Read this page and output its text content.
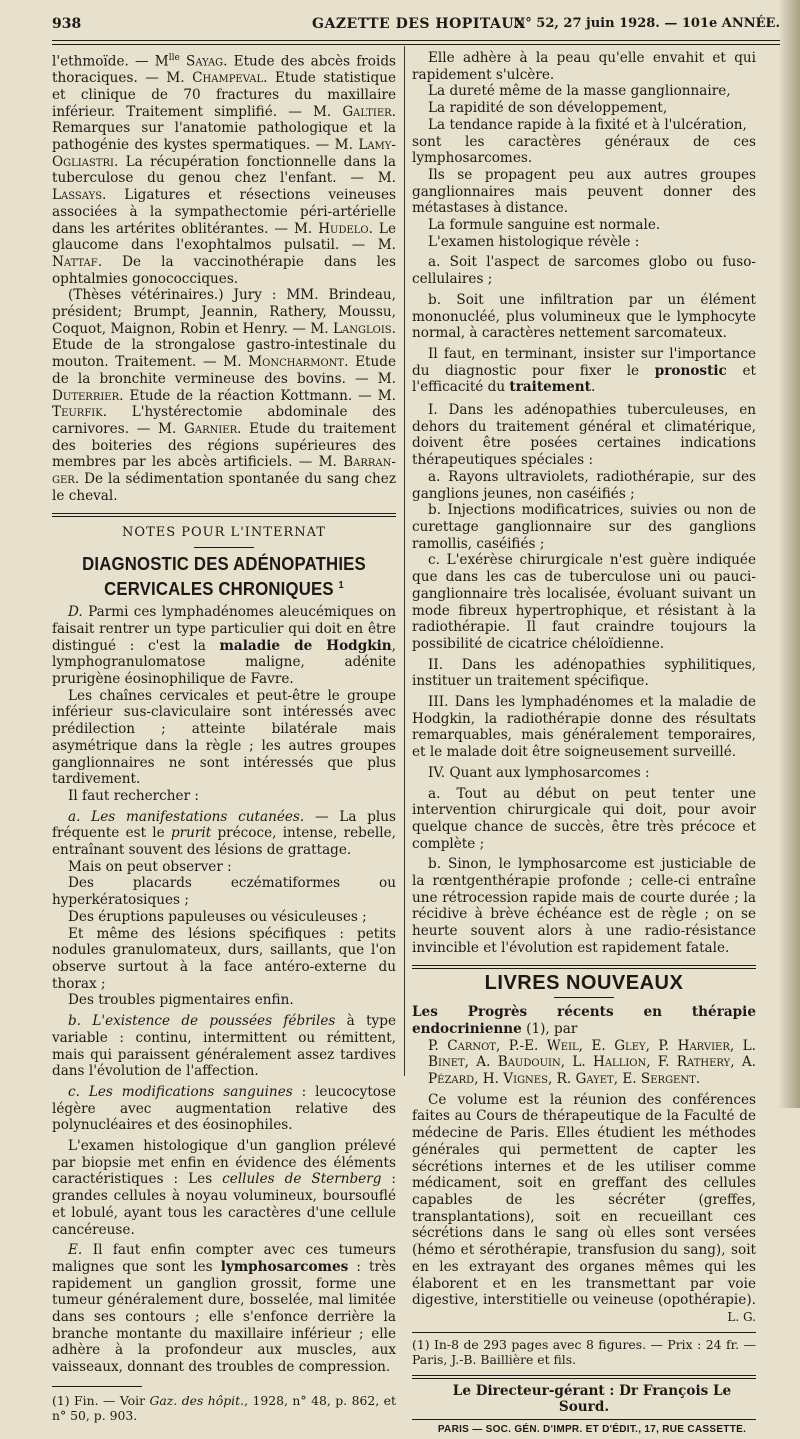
938	GAZETTE DES HOPITAUX
N° 52, 27 juin 1928. — 101e ANNÉE.

l'ethmoïde. — $M^{lle}$ Sayag. Etude des abcès froids thoraciques. — M. Champeval. Etude statistique et clinique de 70 fractures du maxillaire inférieur. Traitement simplifié. — M. Galtier. Remarques sur l'anatomie pathologique et la pathogénie des kystes spermatiques. — M. Lamy-Ogliastri. La récupération fonctionnelle dans la tuberculose du genou chez l'enfant. — M. Lassays. Ligatures et résections veineuses associées à la sympathectomie péri-artérielle dans les artérites oblitérantes. — M. Hudelo. Le glaucome dans l'exophtalmos pulsatil. — M. Nattaf. De la vaccinothérapie dans les ophtalmies gonococciques.

(Thèses vétérinaires.) Jury : MM. Brindeau, président; Brumpt, Jeannin, Rathery, Moussu, Coquot, Maignon, Robin et Henry. — M. Langlois. Etude de la strongalose gastro-intestinale du mouton. Traitement. — M. Moncharmont. Etude de la bronchite vermineuse des bovins. — M. Duterrier. Etude de la réaction Kottmann. — M. Teurfik. L'hystérectomie abdominale des carnivores. — M. Garnier. Etude du traitement des boiteries des régions supérieures des membres par les abcès artificiels. — M. Barranger. De la sédimentation spontanée du sang chez le cheval.

NOTES POUR L'INTERNAT

DIAGNOSTIC DES ADÉNOPATHIES CERVICALES CHRONIQUES $^1$

D. Parmi ces lymphadénomes aleucémiques on faisait rentrer un type particulier qui doit en être distingué : c'est la maladie de Hodgkin, lymphogranulomatose maligne, adénite prurigène éosinophilique de Favre.

Les chaînes cervicales et peut-être le groupe inférieur sus-claviculaire sont intéressés avec prédilection ; atteinte bilatérale mais asymétrique dans la règle ; les autres groupes ganglionnaires ne sont intéressés que plus tardivement.

Il faut rechercher :

a. Les manifestations cutanées. — La plus fréquente est le prurit précoce, intense, rebelle, entraînant souvent des lésions de grattage.

Mais on peut observer :

Des placards eczématiformes ou hyperkératosiques ;

Des éruptions papuleuses ou vésiculeuses ;

Et même des lésions spécifiques : petits nodules granulomateux, durs, saillants, que l'on observe surtout à la face antéro-externe du thorax ;

Des troubles pigmentaires enfin.

b. L'existence de poussées fébriles à type variable : continu, intermittent ou rémittent, mais qui paraissent généralement assez tardives dans l'évolution de l'affection.

c. Les modifications sanguines : leucocytose légère avec augmentation relative des polynucléaires et des éosinophiles.

L'examen histologique d'un ganglion prélevé par biopsie met enfin en évidence des éléments caractéristiques : Les cellules de Sternberg : grandes cellules à noyau volumineux, boursouflé et lobulé, ayant tous les caractères d'une cellule cancéreuse.

E. Il faut enfin compter avec ces tumeurs malignes que sont les lymphosarcomes : très rapidement un ganglion grossit, forme une tumeur généralement dure, bosselée, mal limitée dans ses contours ; elle s'enfonce derrière la branche montante du maxillaire inférieur ; elle adhère à la profondeur aux muscles, aux vaisseaux, donnant des troubles de compression.

(1) Fin. — Voir Gaz. des hôpit., 1928, n° 48, p. 862, et n° 50, p. 903.

Elle adhère à la peau qu'elle envahit et qui rapidement s'ulcère.

La dureté même de la masse ganglionnaire,

La rapidité de son développement,

La tendance rapide à la fixité et à l'ulcération,

sont les caractères généraux de ces lymphosarcomes.

Ils se propagent peu aux autres groupes ganglionnaires mais peuvent donner des métastases à distance.

La formule sanguine est normale.

L'examen histologique révèle :

a. Soit l'aspect de sarcomes globo ou fuso-cellulaires ;

b. Soit une infiltration par un élément mononucléé, plus volumineux que le lymphocyte normal, à caractères nettement sarcomateux.

Il faut, en terminant, insister sur l'importance du diagnostic pour fixer le pronostic et l'efficacité du traitement.

I. Dans les adénopathies tuberculeuses, en dehors du traitement général et climatérique, doivent être posées certaines indications thérapeutiques spéciales :

a. Rayons ultraviolets, radiothérapie, sur des ganglions jeunes, non caséifiés ;

b. Injections modificatrices, suivies ou non de curettage ganglionnaire sur des ganglions ramollis, caséifiés ;

c. L'exérèse chirurgicale n'est guère indiquée que dans les cas de tuberculose uni ou pauci-ganglionnaire très localisée, évoluant suivant un mode fibreux hypertrophique, et résistant à la radiothérapie. Il faut craindre toujours la possibilité de cicatrice chéloïdienne.

II. Dans les adénopathies syphilitiques, instituer un traitement spécifique.

III. Dans les lymphadénomes et la maladie de Hodgkin, la radiothérapie donne des résultats remarquables, mais généralement temporaires, et le malade doit être soigneusement surveillé.

IV. Quant aux lymphosarcomes :

a. Tout au début on peut tenter une intervention chirurgicale qui doit, pour avoir quelque chance de succès, être très précoce et complète ;

b. Sinon, le lymphosarcome est justiciable de la rœntgenthérapie profonde ; celle-ci entraîne une rétrocession rapide mais de courte durée ; la récidive à brève échéance est de règle ; on se heurte souvent alors à une radio-résistance invincible et l'évolution est rapidement fatale.

LIVRES NOUVEAUX

Les Progrès récents en thérapie endocrinienne (1), par

P. Carnot, P.-E. Weil, E. Gley, P. Harvier, L. Binet, A. Baudouin, L. Hallion, F. Rathery, A. Pézard, H. Vignes, R. Gayet, E. Sergent.

Ce volume est la réunion des conférences faites au Cours de thérapeutique de la Faculté de médecine de Paris. Elles étudient les méthodes générales qui permettent de capter les sécrétions internes et de les utiliser comme médicament, soit en greffant des cellules capables de les sécréter (greffes, transplantations), soit en recueillant ces sécrétions dans le sang où elles sont versées (hémo et sérothérapie, transfusion du sang), soit en les extrayant des organes mêmes qui les élaborent et en les transmettant par voie digestive, interstitielle ou veineuse (opothérapie).

L. G.

(1) In-8 de 293 pages avec 8 figures. — Prix : 24 fr. — Paris, J.-B. Baillière et fils.

Le Directeur-gérant : Dr François Le Sourd.

PARIS — SOC. GÉN. D'IMPR. ET D'ÉDIT., 17, RUE CASSETTE.
